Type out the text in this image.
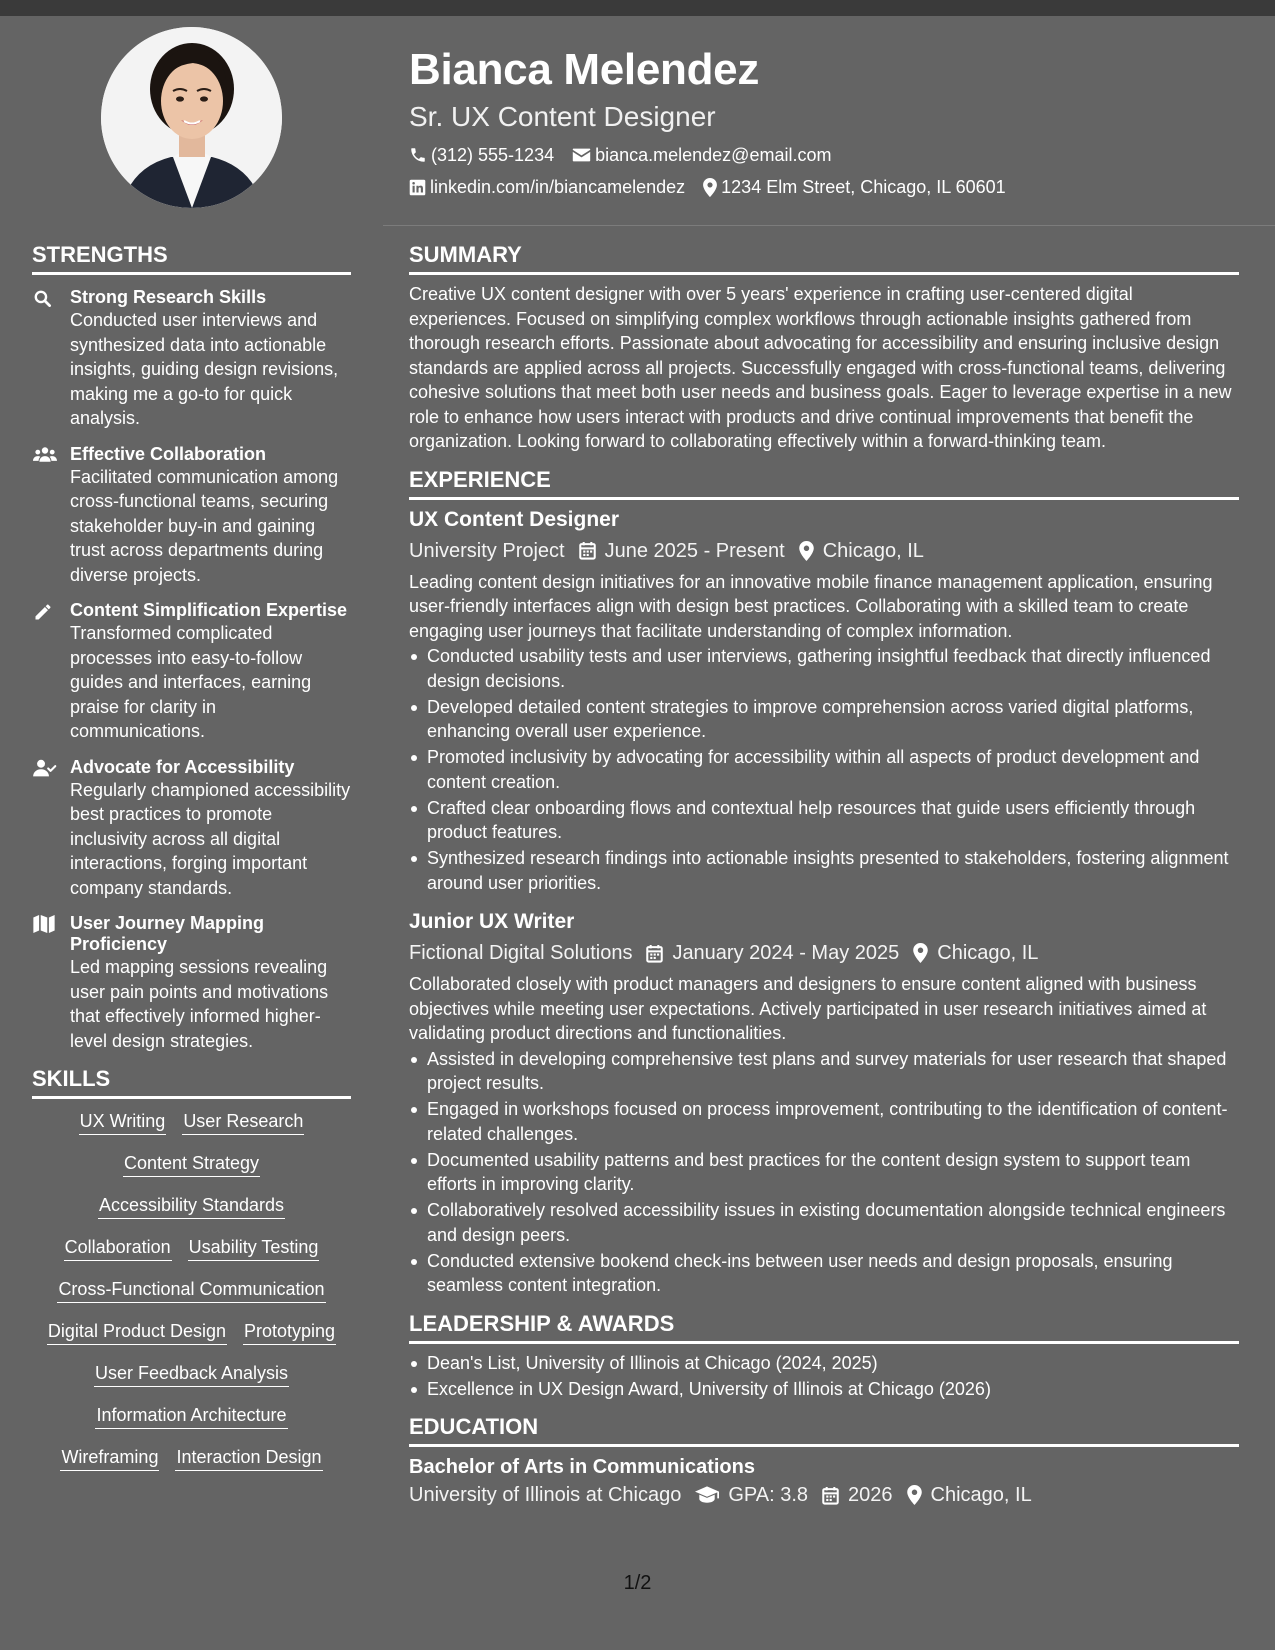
Bianca Melendez
Sr. UX Content Designer
(312) 555-1234 bianca.melendez@email.com
linkedin.com/in/biancamelendez 1234 Elm Street, Chicago, IL 60601
STRENGTHS
Strong Research Skills
Conducted user interviews and synthesized data into actionable insights, guiding design revisions, making me a go-to for quick analysis.
Effective Collaboration
Facilitated communication among cross-functional teams, securing stakeholder buy-in and gaining trust across departments during diverse projects.
Content Simplification Expertise
Transformed complicated processes into easy-to-follow guides and interfaces, earning praise for clarity in communications.
Advocate for Accessibility
Regularly championed accessibility best practices to promote inclusivity across all digital interactions, forging important company standards.
User Journey Mapping Proficiency
Led mapping sessions revealing user pain points and motivations that effectively informed higher-level design strategies.
SKILLS
UX Writing User Research
Content Strategy
Accessibility Standards
Collaboration Usability Testing
Cross-Functional Communication
Digital Product Design Prototyping
User Feedback Analysis
Information Architecture
Wireframing Interaction Design
SUMMARY
Creative UX content designer with over 5 years' experience in crafting user-centered digital experiences. Focused on simplifying complex workflows through actionable insights gathered from thorough research efforts. Passionate about advocating for accessibility and ensuring inclusive design standards are applied across all projects. Successfully engaged with cross-functional teams, delivering cohesive solutions that meet both user needs and business goals. Eager to leverage expertise in a new role to enhance how users interact with products and drive continual improvements that benefit the organization. Looking forward to collaborating effectively within a forward-thinking team.
EXPERIENCE
UX Content Designer
University Project June 2025 - Present Chicago, IL
Leading content design initiatives for an innovative mobile finance management application, ensuring user-friendly interfaces align with design best practices. Collaborating with a skilled team to create engaging user journeys that facilitate understanding of complex information.
Conducted usability tests and user interviews, gathering insightful feedback that directly influenced design decisions.
Developed detailed content strategies to improve comprehension across varied digital platforms, enhancing overall user experience.
Promoted inclusivity by advocating for accessibility within all aspects of product development and content creation.
Crafted clear onboarding flows and contextual help resources that guide users efficiently through product features.
Synthesized research findings into actionable insights presented to stakeholders, fostering alignment around user priorities.
Junior UX Writer
Fictional Digital Solutions January 2024 - May 2025 Chicago, IL
Collaborated closely with product managers and designers to ensure content aligned with business objectives while meeting user expectations. Actively participated in user research initiatives aimed at validating product directions and functionalities.
Assisted in developing comprehensive test plans and survey materials for user research that shaped project results.
Engaged in workshops focused on process improvement, contributing to the identification of content-related challenges.
Documented usability patterns and best practices for the content design system to support team efforts in improving clarity.
Collaboratively resolved accessibility issues in existing documentation alongside technical engineers and design peers.
Conducted extensive bookend check-ins between user needs and design proposals, ensuring seamless content integration.
LEADERSHIP & AWARDS
Dean's List, University of Illinois at Chicago (2024, 2025)
Excellence in UX Design Award, University of Illinois at Chicago (2026)
EDUCATION
Bachelor of Arts in Communications
University of Illinois at Chicago GPA: 3.8 2026 Chicago, IL
1/2
